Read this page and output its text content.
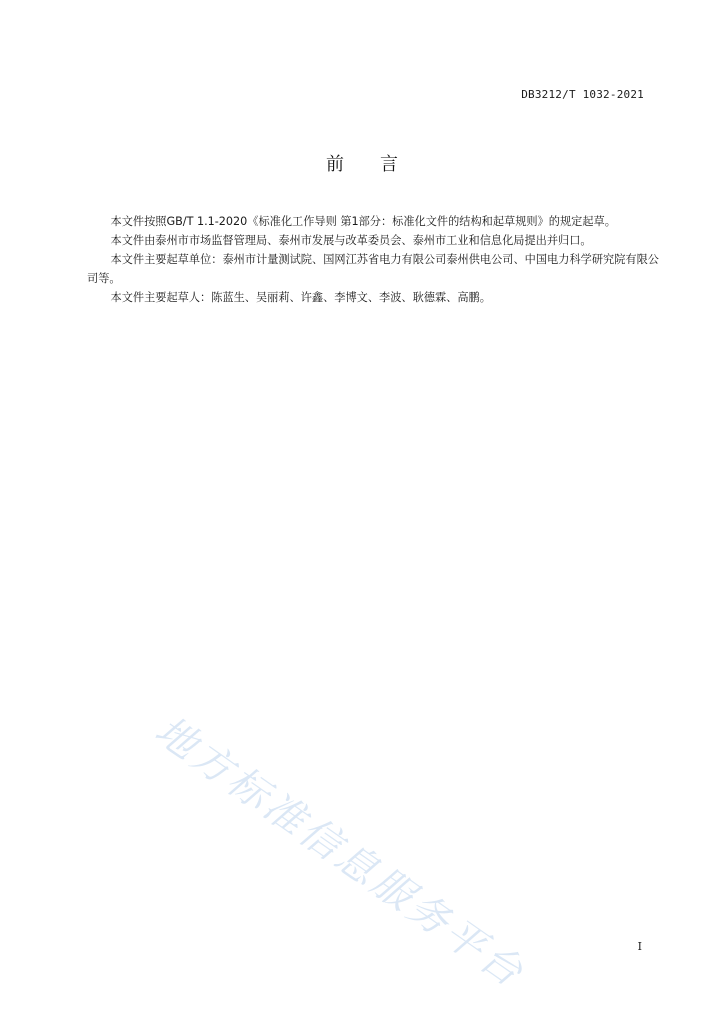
DB3212/T 1032-2021
前　　言

本文件按照GB/T 1.1-2020《标准化工作导则 第1部分：标准化文件的结构和起草规则》的规定起草。

本文件由泰州市市场监督管理局、泰州市发展与改革委员会、泰州市工业和信息化局提出并归口。

本文件主要起草单位：泰州市计量测试院、国网江苏省电力有限公司泰州供电公司、中国电力科学研究院有限公司等。

本文件主要起草人：陈蓝生、吴丽莉、许鑫、李博文、李波、耿德霖、高鹏。

地方标准信息服务平台	I
